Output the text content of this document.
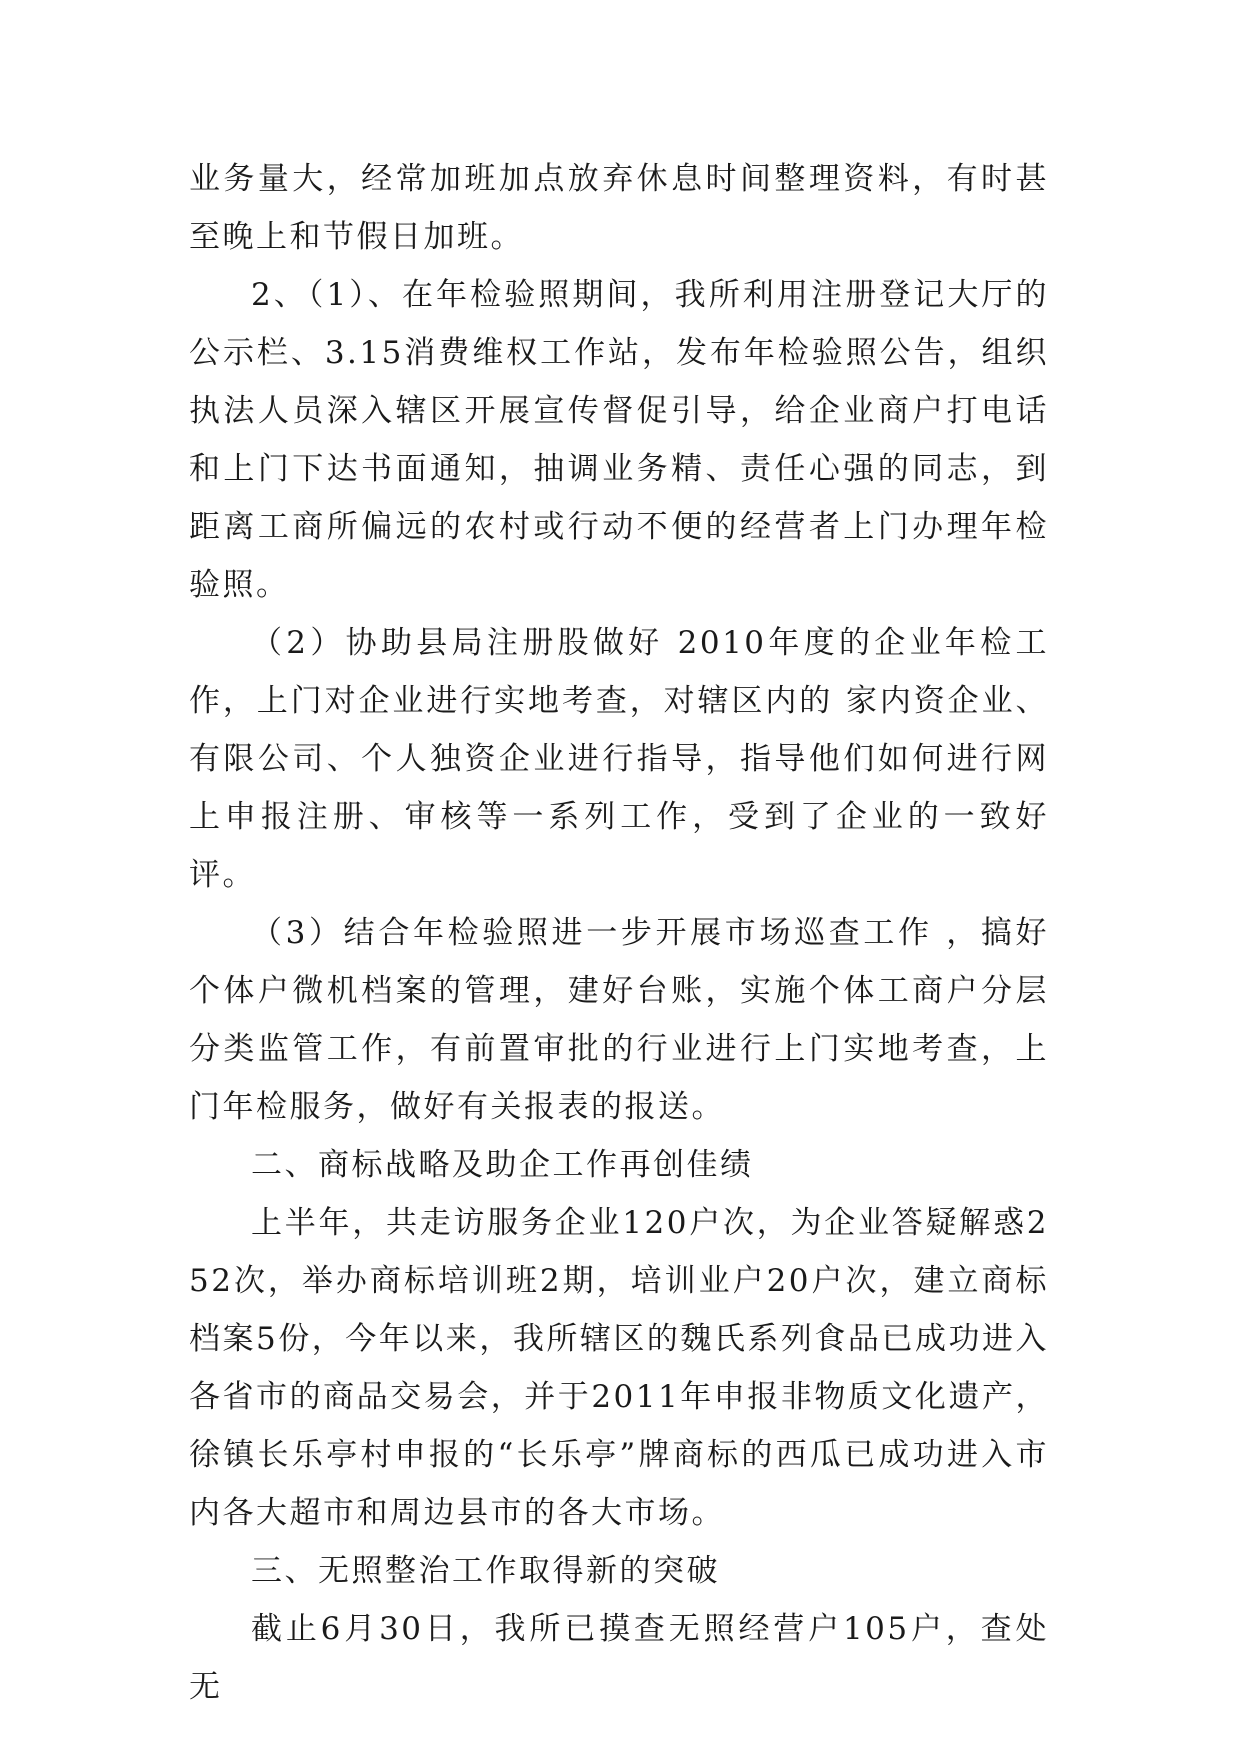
业务量大，经常加班加点放弃休息时间整理资料，有时甚至晚上和节假日加班。

2、（1）、在年检验照期间，我所利用注册登记大厅的公示栏、3.15消费维权工作站，发布年检验照公告，组织执法人员深入辖区开展宣传督促引导，给企业商户打电话和上门下达书面通知，抽调业务精、责任心强的同志，到距离工商所偏远的农村或行动不便的经营者上门办理年检验照。

（2）协助县局注册股做好 2010年度的企业年检工作，上门对企业进行实地考查，对辖区内的 家内资企业、有限公司、个人独资企业进行指导，指导他们如何进行网上申报注册、审核等一系列工作，受到了企业的一致好评。

（3）结合年检验照进一步开展市场巡查工作 ，搞好个体户微机档案的管理，建好台账，实施个体工商户分层分类监管工作，有前置审批的行业进行上门实地考查，上门年检服务，做好有关报表的报送。

二、商标战略及助企工作再创佳绩

上半年，共走访服务企业120户次，为企业答疑解惑252次，举办商标培训班2期，培训业户20户次，建立商标档案5份，今年以来，我所辖区的魏氏系列食品已成功进入各省市的商品交易会，并于2011年申报非物质文化遗产，徐镇长乐亭村申报的“长乐亭”牌商标的西瓜已成功进入市内各大超市和周边县市的各大市场。

三、无照整治工作取得新的突破

截止6月30日，我所已摸查无照经营户105户，查处无
